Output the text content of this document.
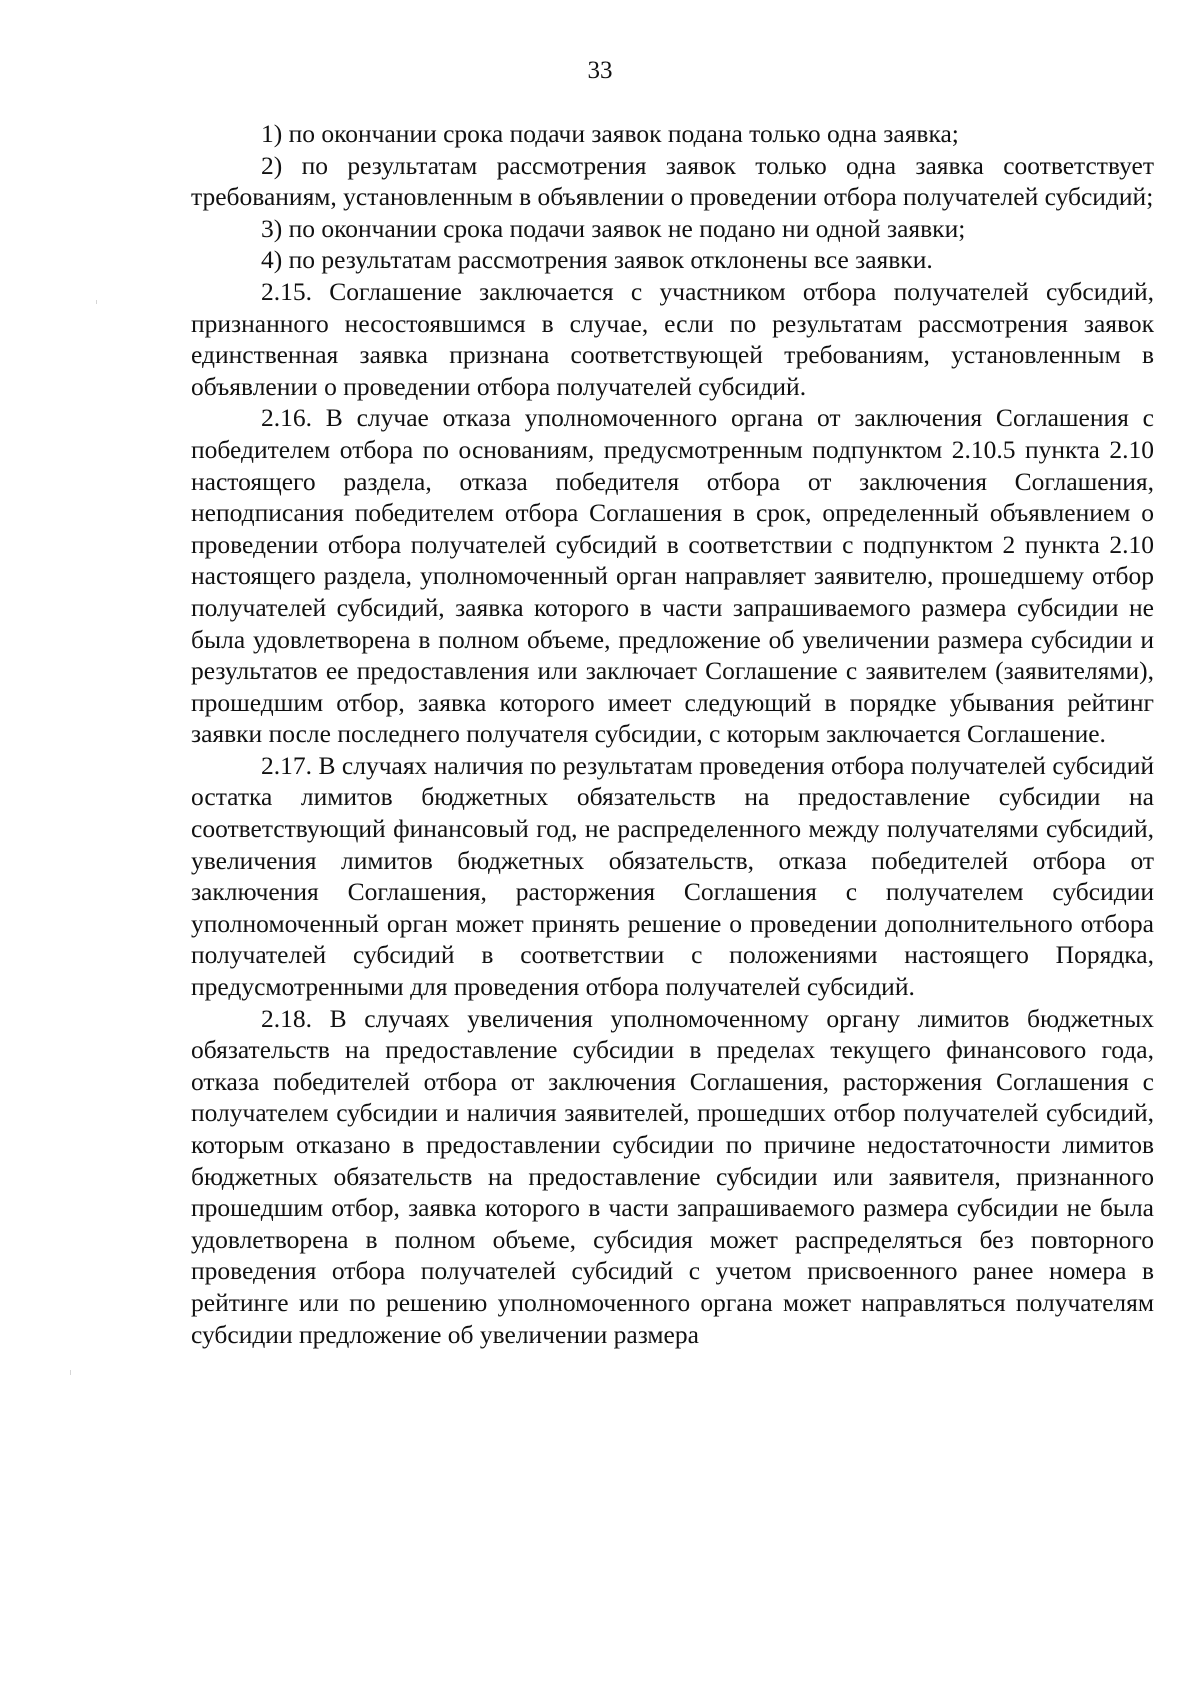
33

1) по окончании срока подачи заявок подана только одна заявка;

2) по результатам рассмотрения заявок только одна заявка соответствует требованиям, установленным в объявлении о проведении отбора получателей субсидий;

3) по окончании срока подачи заявок не подано ни одной заявки;

4) по результатам рассмотрения заявок отклонены все заявки.

2.15. Соглашение заключается с участником отбора получателей субсидий, признанного несостоявшимся в случае, если по результатам рассмотрения заявок единственная заявка признана соответствующей требованиям, установленным в объявлении о проведении отбора получателей субсидий.

2.16. В случае отказа уполномоченного органа от заключения Соглашения с победителем отбора по основаниям, предусмотренным подпунктом 2.10.5 пункта 2.10 настоящего раздела, отказа победителя отбора от заключения Соглашения, неподписания победителем отбора Соглашения в срок, определенный объявлением о проведении отбора получателей субсидий в соответствии с подпунктом 2 пункта 2.10 настоящего раздела, уполномоченный орган направляет заявителю, прошедшему отбор получателей субсидий, заявка которого в части запрашиваемого размера субсидии не была удовлетворена в полном объеме, предложение об увеличении размера субсидии и результатов ее предоставления или заключает Соглашение с заявителем (заявителями), прошедшим отбор, заявка которого имеет следующий в порядке убывания рейтинг заявки после последнего получателя субсидии, с которым заключается Соглашение.

2.17. В случаях наличия по результатам проведения отбора получателей субсидий остатка лимитов бюджетных обязательств на предоставление субсидии на соответствующий финансовый год, не распределенного между получателями субсидий, увеличения лимитов бюджетных обязательств, отказа победителей отбора от заключения Соглашения, расторжения Соглашения с получателем субсидии уполномоченный орган может принять решение о проведении дополнительного отбора получателей субсидий в соответствии с положениями настоящего Порядка, предусмотренными для проведения отбора получателей субсидий.

2.18. В случаях увеличения уполномоченному органу лимитов бюджетных обязательств на предоставление субсидии в пределах текущего финансового года, отказа победителей отбора от заключения Соглашения, расторжения Соглашения с получателем субсидии и наличия заявителей, прошедших отбор получателей субсидий, которым отказано в предоставлении субсидии по причине недостаточности лимитов бюджетных обязательств на предоставление субсидии или заявителя, признанного прошедшим отбор, заявка которого в части запрашиваемого размера субсидии не была удовлетворена в полном объеме, субсидия может распределяться без повторного проведения отбора получателей субсидий с учетом присвоенного ранее номера в рейтинге или по решению уполномоченного органа может направляться получателям субсидии предложение об увеличении размера
